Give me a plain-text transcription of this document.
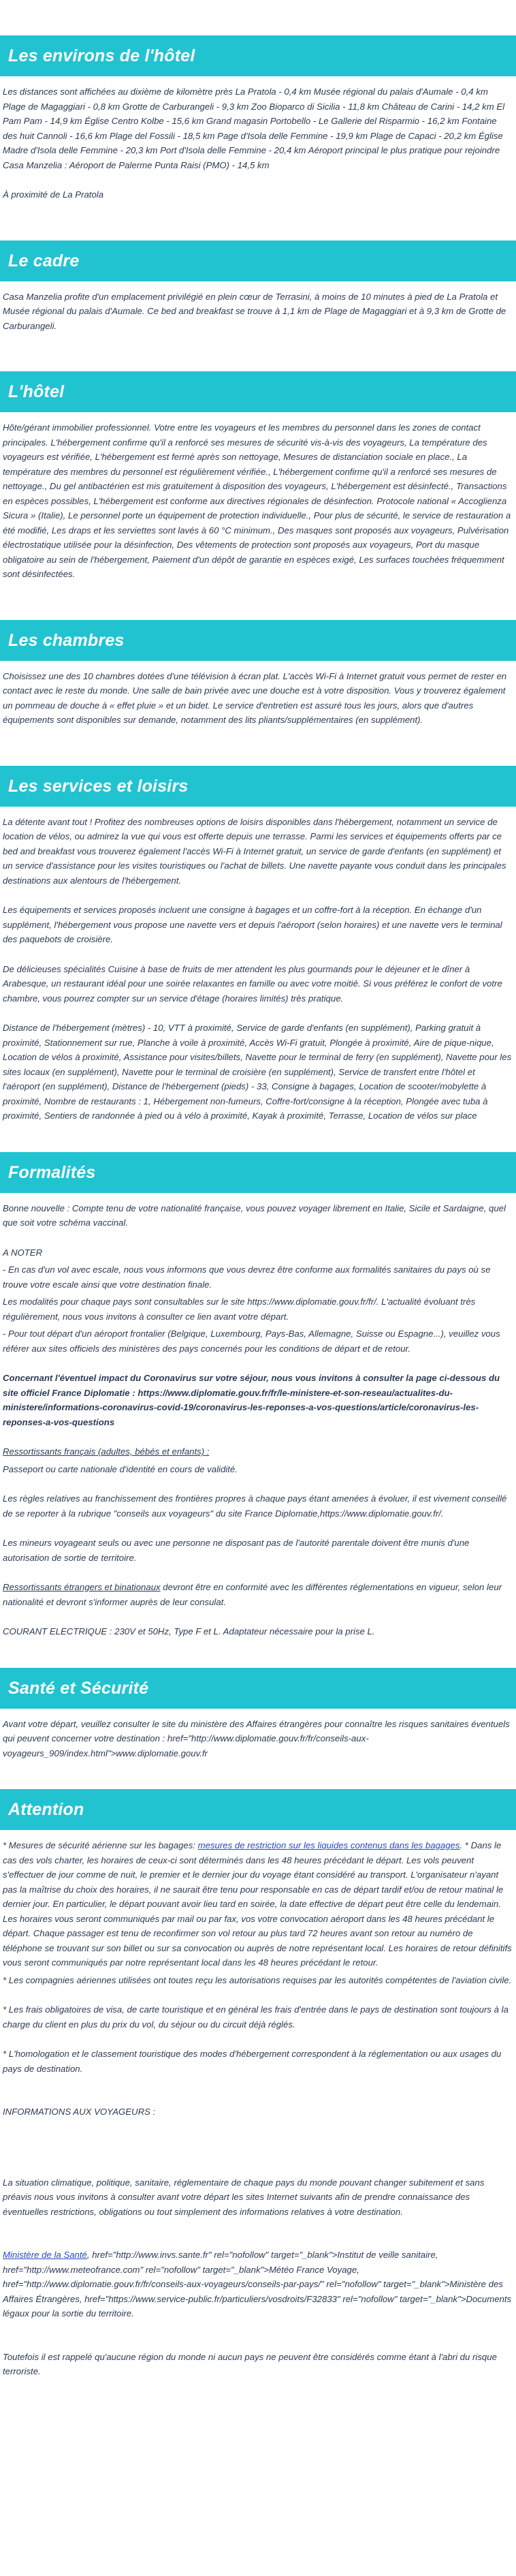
Les environs de l'hôtel

Les distances sont affichées au dixième de kilomètre près La Pratola - 0,4 km Musée régional du palais d'Aumale - 0,4 km Plage de Magaggiari - 0,8 km Grotte de Carburangeli - 9,3 km Zoo Bioparco di Sicilia - 11,8 km Château de Carini - 14,2 km El Pam Pam - 14,9 km Église Centro Kolbe - 15,6 km Grand magasin Portobello - Le Gallerie del Risparmio - 16,2 km Fontaine des huit Cannoli - 16,6 km Plage del Fossili - 18,5 km Page d'Isola delle Femmine - 19,9 km Plage de Capaci - 20,2 km Église Madre d'Isola delle Femmine - 20,3 km Port d'Isola delle Femmine - 20,4 km Aéroport principal le plus pratique pour rejoindre Casa Manzelia : Aéroport de Palerme Punta Raisi (PMO) - 14,5 km

À proximité de La Pratola

Le cadre

Casa Manzelia profite d'un emplacement privilégié en plein cœur de Terrasini, à moins de 10 minutes à pied de La Pratola et Musée régional du palais d'Aumale. Ce bed and breakfast se trouve à 1,1 km de Plage de Magaggiari et à 9,3 km de Grotte de Carburangeli.

L'hôtel

Hôte/gérant immobilier professionnel. Votre entre les voyageurs et les membres du personnel dans les zones de contact principales. L'hébergement confirme qu'il a renforcé ses mesures de sécurité vis-à-vis des voyageurs, La température des voyageurs est vérifiée, L'hébergement est fermé après son nettoyage, Mesures de distanciation sociale en place., La température des membres du personnel est régulièrement vérifiée., L'hébergement confirme qu'il a renforcé ses mesures de nettoyage., Du gel antibactérien est mis gratuitement à disposition des voyageurs, L'hébergement est désinfecté., Transactions en espèces possibles, L'hébergement est conforme aux directives régionales de désinfection. Protocole national « Accoglienza Sicura » (Italie), Le personnel porte un équipement de protection individuelle., Pour plus de sécurité, le service de restauration a été modifié, Les draps et les serviettes sont lavés à 60 °C minimum., Des masques sont proposés aux voyageurs, Pulvérisation électrostatique utilisée pour la désinfection, Des vêtements de protection sont proposés aux voyageurs, Port du masque obligatoire au sein de l'hébergement, Paiement d'un dépôt de garantie en espèces exigé, Les surfaces touchées fréquemment sont désinfectées.

Les chambres

Choisissez une des 10 chambres dotées d'une télévision à écran plat. L'accès Wi-Fi à Internet gratuit vous permet de rester en contact avec le reste du monde. Une salle de bain privée avec une douche est à votre disposition. Vous y trouverez également un pommeau de douche à « effet pluie » et un bidet. Le service d'entretien est assuré tous les jours, alors que d'autres équipements sont disponibles sur demande, notamment des lits pliants/supplémentaires (en supplément).

Les services et loisirs

La détente avant tout ! Profitez des nombreuses options de loisirs disponibles dans l'hébergement, notamment un service de location de vélos, ou admirez la vue qui vous est offerte depuis une terrasse. Parmi les services et équipements offerts par ce bed and breakfast vous trouverez également l'accès Wi-Fi à Internet gratuit, un service de garde d'enfants (en supplément) et un service d'assistance pour les visites touristiques ou l'achat de billets. Une navette payante vous conduit dans les principales destinations aux alentours de l'hébergement.

Les équipements et services proposés incluent une consigne à bagages et un coffre-fort à la réception. En échange d'un supplément, l'hébergement vous propose une navette vers et depuis l'aéroport (selon horaires) et une navette vers le terminal des paquebots de croisière.

De délicieuses spécialités Cuisine à base de fruits de mer attendent les plus gourmands pour le déjeuner et le dîner à Arabesque, un restaurant idéal pour une soirée relaxantes en famille ou avec votre moitié. Si vous préférez le confort de votre chambre, vous pourrez compter sur un service d'étage (horaires limités) très pratique.

Distance de l'hébergement (mètres) - 10, VTT à proximité, Service de garde d'enfants (en supplément), Parking gratuit à proximité, Stationnement sur rue, Planche à voile à proximité, Accès Wi-Fi gratuit, Plongée à proximité, Aire de pique-nique, Location de vélos à proximité, Assistance pour visites/billets, Navette pour le terminal de ferry (en supplément), Navette pour les sites locaux (en supplément), Navette pour le terminal de croisière (en supplément), Service de transfert entre l'hôtel et l'aéroport (en supplément), Distance de l'hébergement (pieds) - 33, Consigne à bagages, Location de scooter/mobylette à proximité, Nombre de restaurants : 1, Hébergement non-fumeurs, Coffre-fort/consigne à la réception, Plongée avec tuba à proximité, Sentiers de randonnée à pied ou à vélo à proximité, Kayak à proximité, Terrasse, Location de vélos sur place

Formalités

Bonne nouvelle : Compte tenu de votre nationalité française, vous pouvez voyager librement en Italie, Sicile et Sardaigne, quel que soit votre schéma vaccinal.

A NOTER

- En cas d'un vol avec escale, nous vous informons que vous devrez être conforme aux formalités sanitaires du pays où se trouve votre escale ainsi que votre destination finale.

Les modalités pour chaque pays sont consultables sur le site https://www.diplomatie.gouv.fr/fr/. L'actualité évoluant très régulièrement, nous vous invitons à consulter ce lien avant votre départ.

- Pour tout départ d'un aéroport frontalier (Belgique, Luxembourg, Pays-Bas, Allemagne, Suisse ou Espagne...), veuillez vous référer aux sites officiels des ministères des pays concernés pour les conditions de départ et de retour.

Concernant l'éventuel impact du Coronavirus sur votre séjour, nous vous invitons à consulter la page ci-dessous du site officiel France Diplomatie : https://www.diplomatie.gouv.fr/fr/le-ministere-et-son-reseau/actualites-du-ministere/informations-coronavirus-covid-19/coronavirus-les-reponses-a-vos-questions/article/coronavirus-les-reponses-a-vos-questions

Ressortissants français (adultes, bébés et enfants) :

Passeport ou carte nationale d'identité en cours de validité.

Les règles relatives au franchissement des frontières propres à chaque pays étant amenées à évoluer, il est vivement conseillé de se reporter à la rubrique "conseils aux voyageurs" du site France Diplomatie,https://www.diplomatie.gouv.fr/.

Les mineurs voyageant seuls ou avec une personne ne disposant pas de l'autorité parentale doivent être munis d'une autorisation de sortie de territoire.

Ressortissants étrangers et binationaux devront être en conformité avec les différentes réglementations en vigueur, selon leur nationalité et devront s'informer auprès de leur consulat.

COURANT ELECTRIQUE : 230V et 50Hz, Type F et L. Adaptateur nécessaire pour la prise L.

Santé et Sécurité

Avant votre départ, veuillez consulter le site du ministère des Affaires étrangères pour connaître les risques sanitaires éventuels qui peuvent concerner votre destination : href="http://www.diplomatie.gouv.fr/fr/conseils-aux-voyageurs_909/index.html">www.diplomatie.gouv.fr

Attention

* Mesures de sécurité aérienne sur les bagages: mesures de restriction sur les liquides contenus dans les bagages. * Dans le cas des vols charter, les horaires de ceux-ci sont déterminés dans les 48 heures précédant le départ. Les vols peuvent s'effectuer de jour comme de nuit, le premier et le dernier jour du voyage étant considéré au transport. L'organisateur n'ayant pas la maîtrise du choix des horaires, il ne saurait être tenu pour responsable en cas de départ tardif et/ou de retour matinal le dernier jour. En particulier, le départ pouvant avoir lieu tard en soirée, la date effective de départ peut être celle du lendemain. Les horaires vous seront communiqués par mail ou par fax, vos votre convocation aéroport dans les 48 heures précédant le départ. Chaque passager est tenu de reconfirmer son vol retour au plus tard 72 heures avant son retour au numéro de téléphone se trouvant sur son billet ou sur sa convocation ou auprès de notre représentant local. Les horaires de retour définitifs vous seront communiqués par notre représentant local dans les 48 heures précédant le retour.

* Les compagnies aériennes utilisées ont toutes reçu les autorisations requises par les autorités compétentes de l'aviation civile.

* Les frais obligatoires de visa, de carte touristique et en général les frais d'entrée dans le pays de destination sont toujours à la charge du client en plus du prix du vol, du séjour ou du circuit déjà réglés.

* L'homologation et le classement touristique des modes d'hébergement correspondent à la réglementation ou aux usages du pays de destination.

INFORMATIONS AUX VOYAGEURS :

La situation climatique, politique, sanitaire, réglementaire de chaque pays du monde pouvant changer subitement et sans préavis nous vous invitons à consulter avant votre départ les sites Internet suivants afin de prendre connaissance des éventuelles restrictions, obligations ou tout simplement des informations relatives à votre destination.

Ministère de la Santé, href="http://www.invs.sante.fr" rel="nofollow" target="_blank">Institut de veille sanitaire, href="http://www.meteofrance.com" rel="nofollow" target="_blank">Météo France Voyage, href="http://www.diplomatie.gouv.fr/fr/conseils-aux-voyageurs/conseils-par-pays/" rel="nofollow" target="_blank">Ministère des Affaires Étrangères, href="https://www.service-public.fr/particuliers/vosdroits/F32833" rel="nofollow" target="_blank">Documents légaux pour la sortie du territoire.

Toutefois il est rappelé qu'aucune région du monde ni aucun pays ne peuvent être considérés comme étant à l'abri du risque terroriste.
